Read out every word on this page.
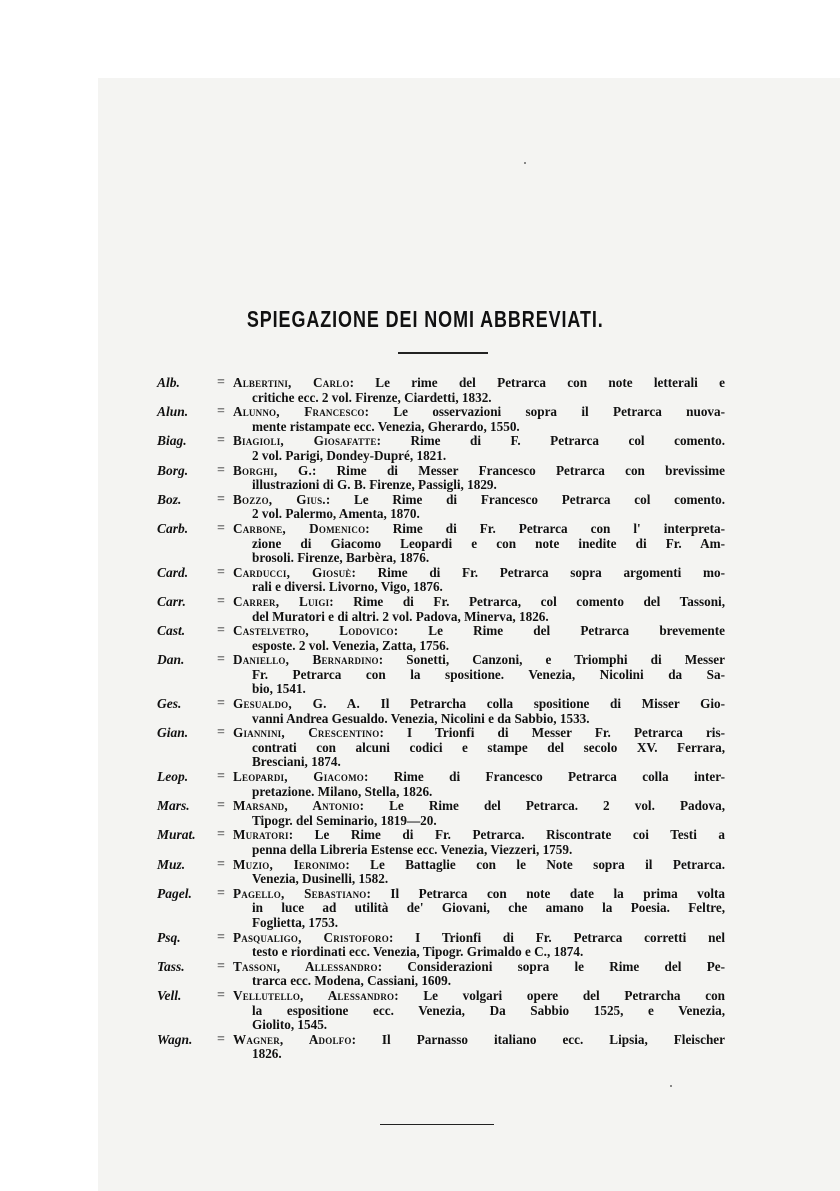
SPIEGAZIONE DEI NOMI ABBREVIATI.
Alb.	= Albertini, Carlo: Le rime del Petrarca con note letterali e
critiche ecc. 2 vol. Firenze, Ciardetti, 1832.
Alun.	= Alunno, Francesco: Le osservazioni sopra il Petrarca nuova-
mente ristampate ecc. Venezia, Gherardo, 1550.
Biag.	= Biagioli, Giosafatte: Rime di F. Petrarca col comento.
2 vol. Parigi, Dondey-Dupré, 1821.
Borg.	= Borghi, G.: Rime di Messer Francesco Petrarca con brevissime
illustrazioni di G. B. Firenze, Passigli, 1829.
Boz.	= Bozzo, Gius.: Le Rime di Francesco Petrarca col comento.
2 vol. Palermo, Amenta, 1870.
Carb.	= Carbone, Domenico: Rime di Fr. Petrarca con l' interpreta-
zione di Giacomo Leopardi e con note inedite di Fr. Am-
brosoli. Firenze, Barbèra, 1876.
Card.	= Carducci, Giosuè: Rime di Fr. Petrarca sopra argomenti mo-
rali e diversi. Livorno, Vigo, 1876.
Carr.	= Carrer, Luigi: Rime di Fr. Petrarca, col comento del Tassoni,
del Muratori e di altri. 2 vol. Padova, Minerva, 1826.
Cast.	= Castelvetro, Lodovico: Le Rime del Petrarca brevemente
esposte. 2 vol. Venezia, Zatta, 1756.
Dan.	= Daniello, Bernardino: Sonetti, Canzoni, e Triomphi di Messer
Fr. Petrarca con la spositione. Venezia, Nicolini da Sa-
bio, 1541.
Ges.	= Gesualdo, G. A. Il Petrarcha colla spositione di Misser Gio-
vanni Andrea Gesualdo. Venezia, Nicolini e da Sabbio, 1533.
Gian.	= Giannini, Crescentino: I Trionfi di Messer Fr. Petrarca ris-
contrati con alcuni codici e stampe del secolo XV. Ferrara,
Bresciani, 1874.
Leop.	= Leopardi, Giacomo: Rime di Francesco Petrarca colla inter-
pretazione. Milano, Stella, 1826.
Mars.	= Marsand, Antonio: Le Rime del Petrarca. 2 vol. Padova,
Tipogr. del Seminario, 1819—20.
Murat.	= Muratori: Le Rime di Fr. Petrarca. Riscontrate coi Testi a
penna della Libreria Estense ecc. Venezia, Viezzeri, 1759.
Muz.	= Muzio, Ieronimo: Le Battaglie con le Note sopra il Petrarca.
Venezia, Dusinelli, 1582.
Pagel.	= Pagello, Sebastiano: Il Petrarca con note date la prima volta
in luce ad utilità de' Giovani, che amano la Poesia. Feltre,
Foglietta, 1753.
Psq.	= Pasqualigo, Cristoforo: I Trionfi di Fr. Petrarca corretti nel
testo e riordinati ecc. Venezia, Tipogr. Grimaldo e C., 1874.
Tass.	= Tassoni, Allessandro: Considerazioni sopra le Rime del Pe-
trarca ecc. Modena, Cassiani, 1609.
Vell.	= Vellutello, Alessandro: Le volgari opere del Petrarcha con
la espositione ecc. Venezia, Da Sabbio 1525, e Venezia,
Giolito, 1545.
Wagn.	= Wagner, Adolfo: Il Parnasso italiano ecc. Lipsia, Fleischer
1826.
